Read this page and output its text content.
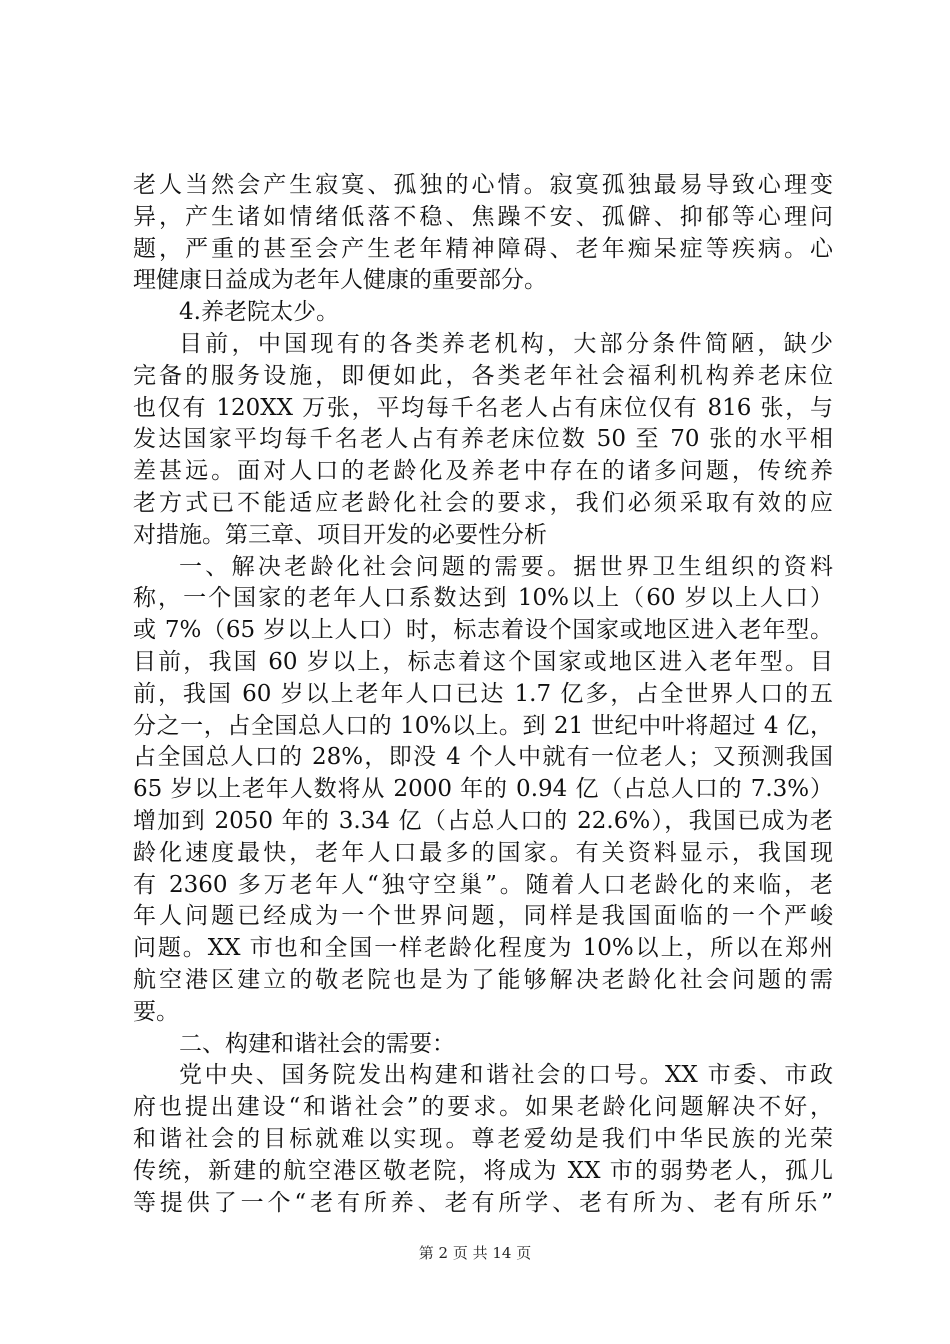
老人当然会产生寂寞、孤独的心情。寂寞孤独最易导致心理变
异，产生诸如情绪低落不稳、焦躁不安、孤僻、抑郁等心理问
题，严重的甚至会产生老年精神障碍、老年痴呆症等疾病。心
理健康日益成为老年人健康的重要部分。
4.养老院太少。
目前，中国现有的各类养老机构，大部分条件简陋，缺少
完备的服务设施，即便如此，各类老年社会福利机构养老床位
也仅有 120XX 万张，平均每千名老人占有床位仅有 816 张，与
发达国家平均每千名老人占有养老床位数 50 至 70 张的水平相
差甚远。面对人口的老龄化及养老中存在的诸多问题，传统养
老方式已不能适应老龄化社会的要求，我们必须采取有效的应
对措施。第三章、项目开发的必要性分析
一、解决老龄化社会问题的需要。据世界卫生组织的资料
称，一个国家的老年人口系数达到 10%以上（60 岁以上人口）
或 7%（65 岁以上人口）时，标志着设个国家或地区进入老年型。
目前，我国 60 岁以上，标志着这个国家或地区进入老年型。目
前，我国 60 岁以上老年人口已达 1.7 亿多，占全世界人口的五
分之一，占全国总人口的 10%以上。到 21 世纪中叶将超过 4 亿，
占全国总人口的 28%，即没 4 个人中就有一位老人；又预测我国
65 岁以上老年人数将从 2000 年的 0.94 亿（占总人口的 7.3%）
增加到 2050 年的 3.34 亿（占总人口的 22.6%），我国已成为老
龄化速度最快，老年人口最多的国家。有关资料显示，我国现
有 2360 多万老年人“独守空巢”。随着人口老龄化的来临，老
年人问题已经成为一个世界问题，同样是我国面临的一个严峻
问题。XX 市也和全国一样老龄化程度为 10%以上，所以在郑州
航空港区建立的敬老院也是为了能够解决老龄化社会问题的需
要。
二、构建和谐社会的需要：
党中央、国务院发出构建和谐社会的口号。XX 市委、市政
府也提出建设“和谐社会”的要求。如果老龄化问题解决不好，
和谐社会的目标就难以实现。尊老爱幼是我们中华民族的光荣
传统，新建的航空港区敬老院，将成为 XX 市的弱势老人，孤儿
等提供了一个“老有所养、老有所学、老有所为、老有所乐”
第 2 页 共 14 页
